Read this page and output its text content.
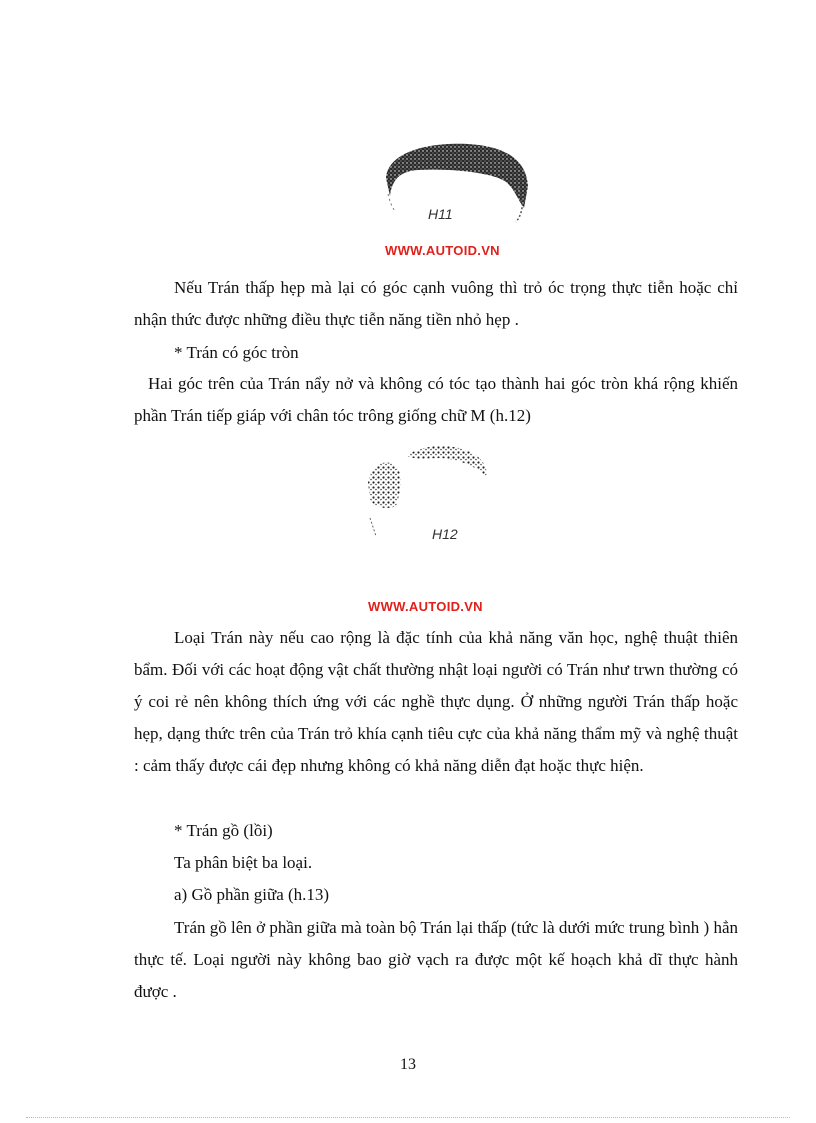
H11
WWW.AUTOID.VN
Nếu Trán thấp hẹp mà lại có góc cạnh vuông thì trỏ óc trọng thực tiễn hoặc chỉ nhận thức được những điều thực tiễn năng tiền nhỏ hẹp .
* Trán có góc tròn
Hai góc trên của Trán nẩy nở và không có tóc tạo thành hai góc tròn khá rộng khiến phần Trán tiếp giáp với chân tóc trông giống chữ M (h.12)
H12
WWW.AUTOID.VN
Loại Trán này nếu cao rộng là đặc tính của khả năng văn học, nghệ thuật thiên bẩm. Đối với các hoạt động vật chất thường nhật loại người có Trán như trwn thường có ý coi rẻ nên không thích ứng với các nghề thực dụng. Ở những người Trán thấp hoặc hẹp, dạng thức trên của Trán trỏ khía cạnh tiêu cực của khả năng thẩm mỹ và nghệ thuật : cảm thấy được cái đẹp nhưng không có khả năng diễn đạt hoặc thực hiện.
* Trán gồ (lồi)
Ta phân biệt ba loại.
a) Gồ phần giữa (h.13)
Trán gồ lên ở phần giữa mà toàn bộ Trán lại thấp (tức là dưới mức trung bình ) hẳn thực tế. Loại người này không bao giờ vạch ra được một kế hoạch khả dĩ thực hành được .
13
